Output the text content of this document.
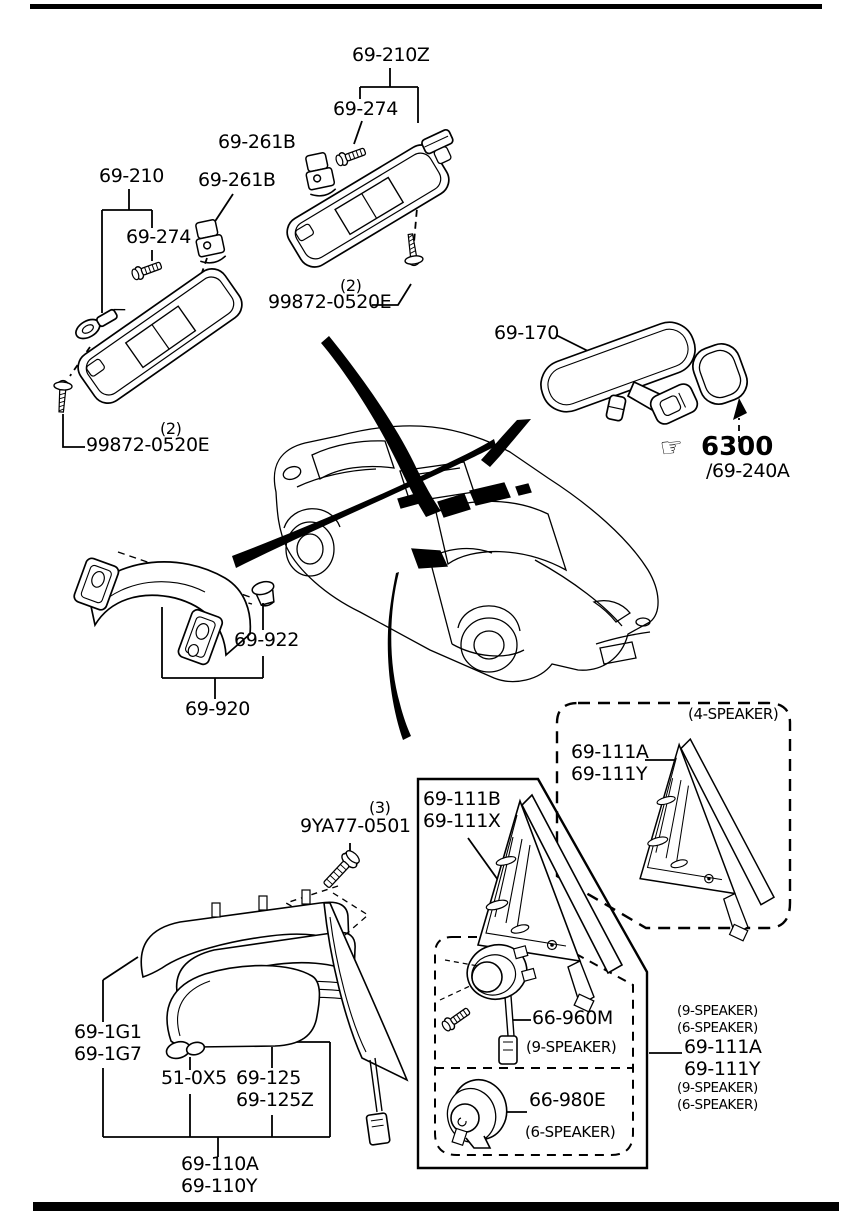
69-210Z
69-274
69-261B
(2)
99872-0520E
69-210
69-274
69-261B
(2)
99872-0520E
69-170
☞ 6300
/69-240A
69-922
69-920	(4-SPEAKER)
69-111A
69-111Y
69-111B
69-111X
(3)
9YA77-0501
66-960M
(9-SPEAKER)
66-980E
(6-SPEAKER)
(9-SPEAKER)
(6-SPEAKER)
69-111A
69-111Y
(9-SPEAKER)
(6-SPEAKER)
69-1G1
69-1G7
51-0X5 69-125
69-125Z
69-110A
69-110Y
